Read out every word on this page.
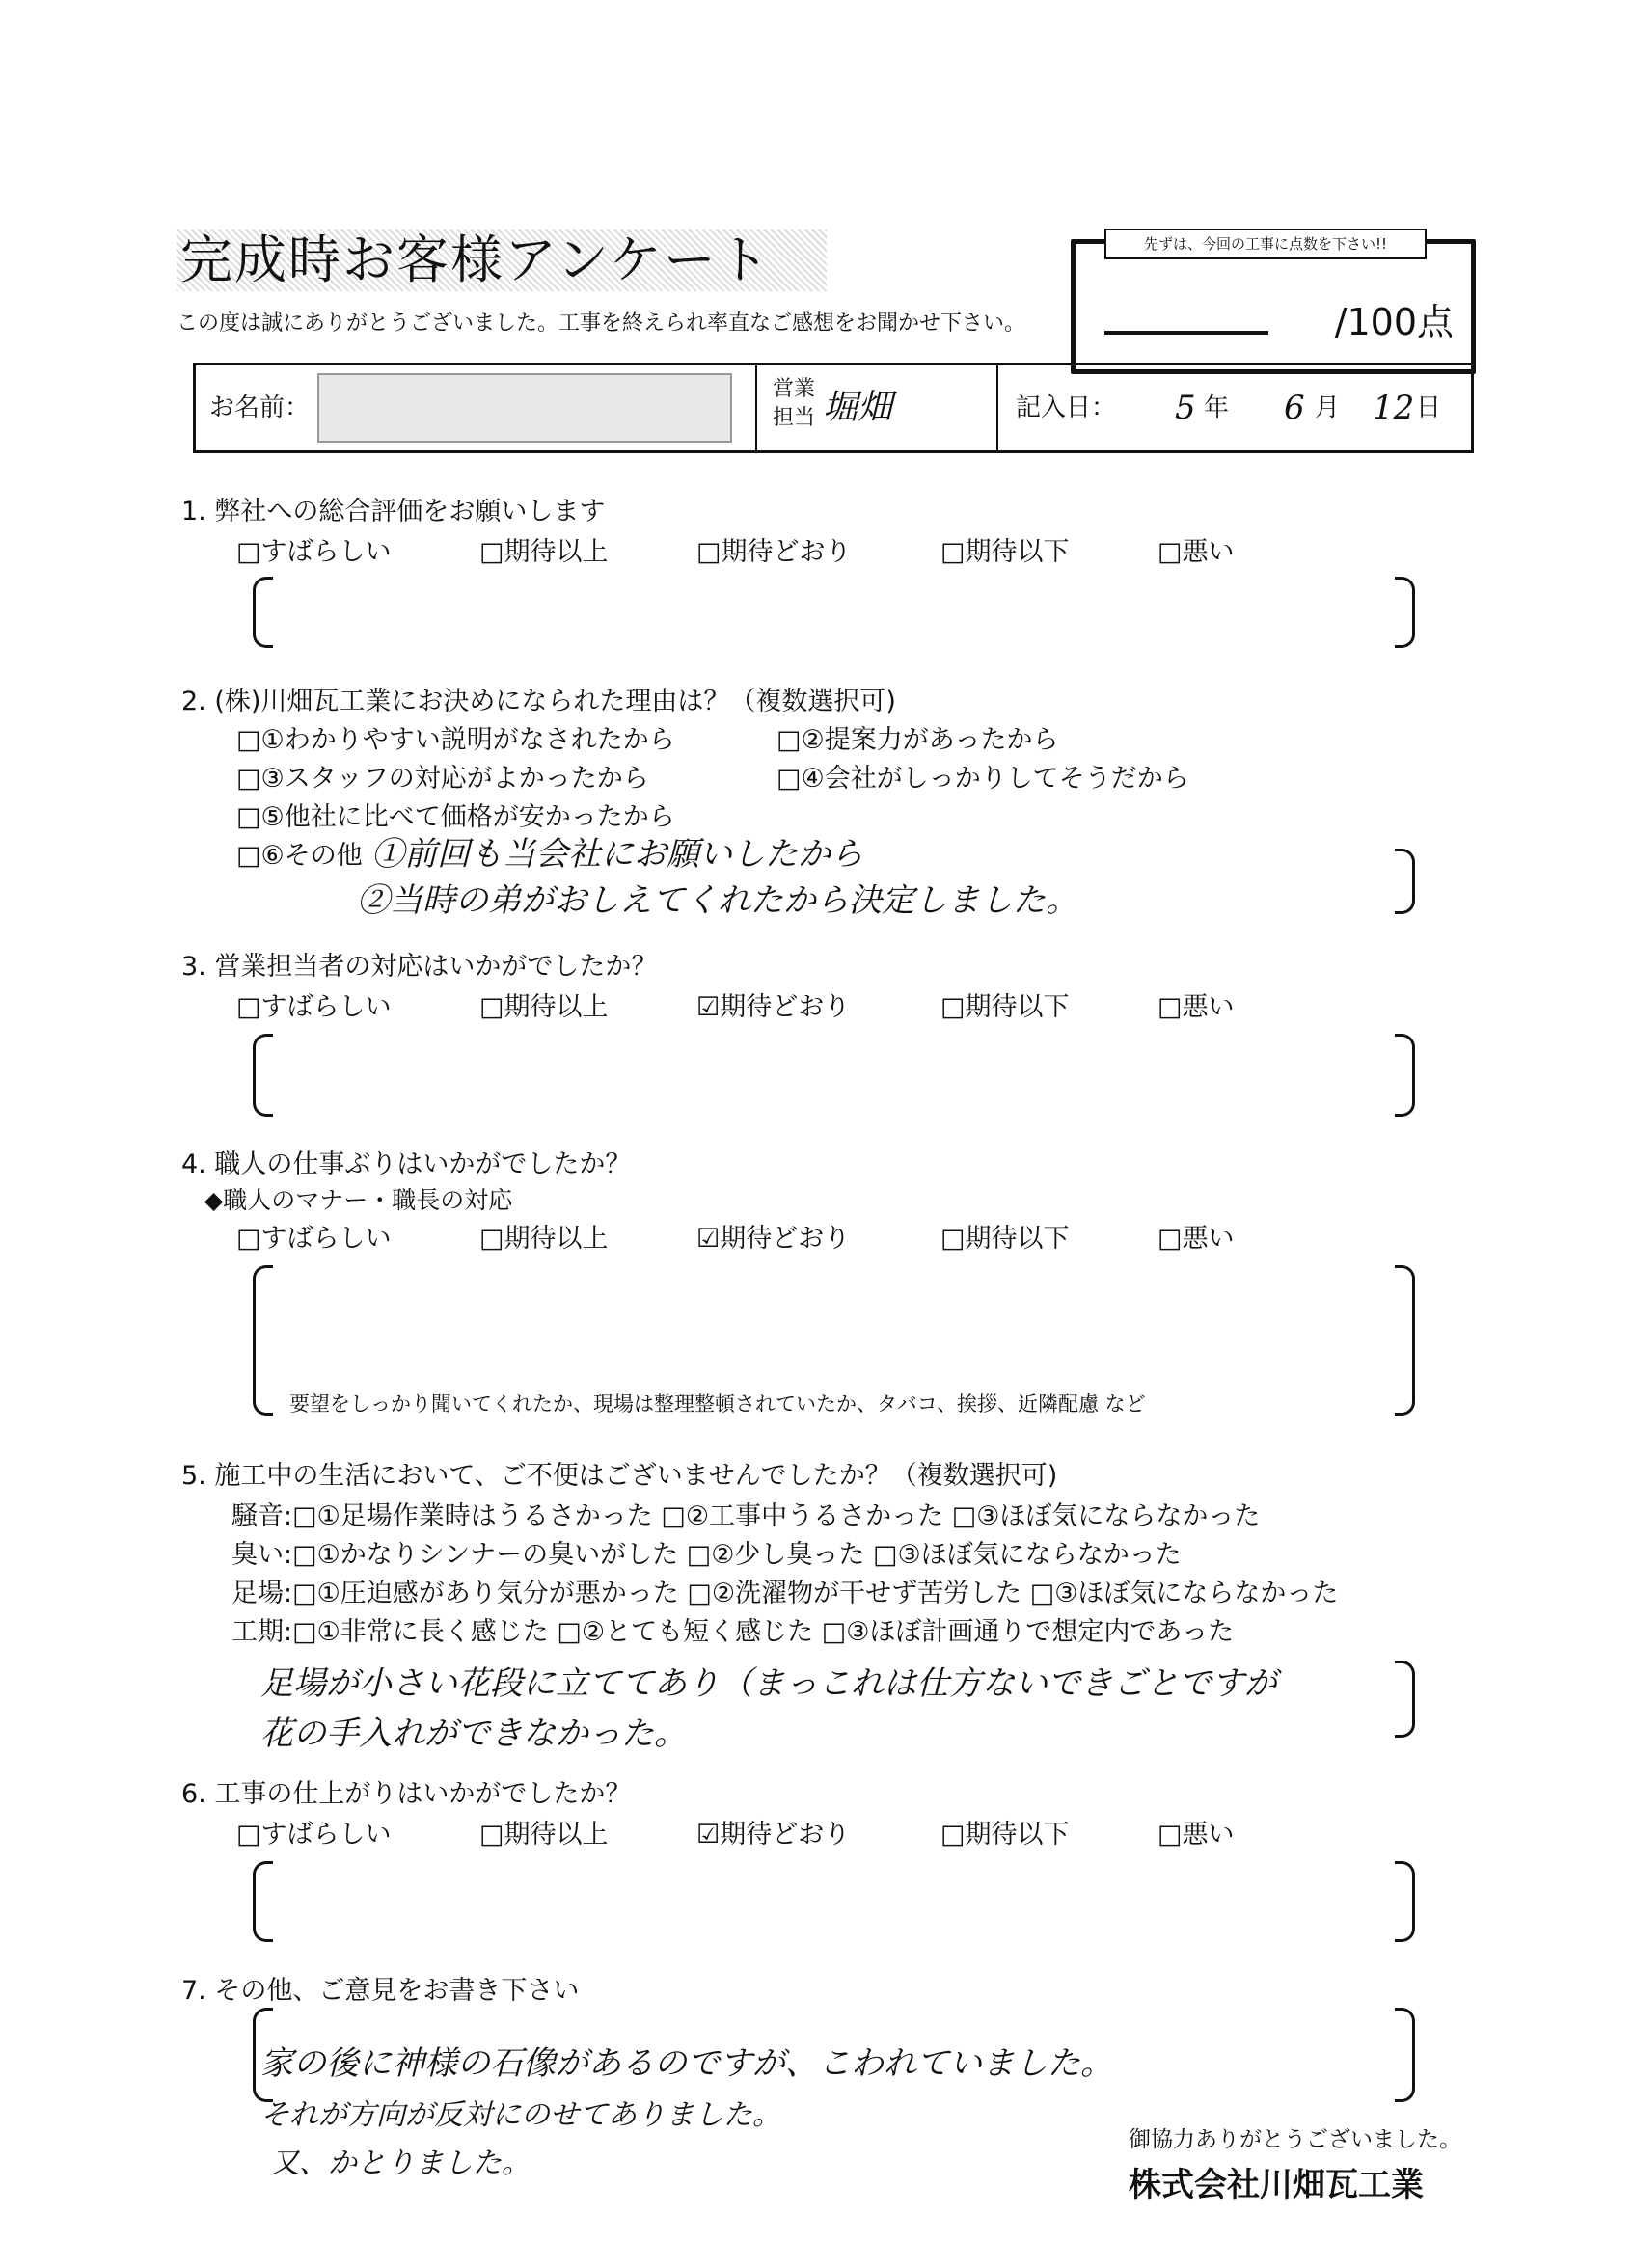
完成時お客様アンケート
この度は誠にありがとうございました。工事を終えられ率直なご感想をお聞かせ下さい。
先ずは、今回の工事に点数を下さい!!
/100点
お名前：
営業
担当 堀畑	記入日： 5 年 6 月 12 日
1. 弊社への総合評価をお願いします
□すばらしい	□期待以上	□期待どおり	□期待以下	□悪い
2. (株)川畑瓦工業にお決めになられた理由は？（複数選択可)
□①わかりやすい説明がなされたから	□②提案力があったから
□③スタッフの対応がよかったから	□④会社がしっかりしてそうだから
□⑤他社に比べて価格が安かったから
□⑥その他 ①前回も当会社にお願いしたから
②当時の弟がおしえてくれたから決定しました。
3. 営業担当者の対応はいかがでしたか？
□すばらしい	□期待以上	☑期待どおり	□期待以下	□悪い
4. 職人の仕事ぶりはいかがでしたか？
◆職人のマナー・職長の対応
□すばらしい	□期待以上	☑期待どおり	□期待以下	□悪い
要望をしっかり聞いてくれたか、現場は整理整頓されていたか、タバコ、挨拶、近隣配慮 など
5. 施工中の生活において、ご不便はございませんでしたか？（複数選択可)
騒音:□①足場作業時はうるさかった □②工事中うるさかった □③ほぼ気にならなかった
臭い:□①かなりシンナーの臭いがした □②少し臭った □③ほぼ気にならなかった
足場:□①圧迫感があり気分が悪かった □②洗濯物が干せず苦労した □③ほぼ気にならなかった
工期:□①非常に長く感じた □②とても短く感じた □③ほぼ計画通りで想定内であった
足場が小さい花段に立ててあり（まっこれは仕方ないできごとですが
花の手入れができなかった。
6. 工事の仕上がりはいかがでしたか？
□すばらしい	□期待以上	☑期待どおり	□期待以下	□悪い
7. その他、ご意見をお書き下さい
家の後に神様の石像があるのですが、こわれていました。
それが方向が反対にのせてありました。
又、かとりました。
御協力ありがとうございました。
株式会社川畑瓦工業
